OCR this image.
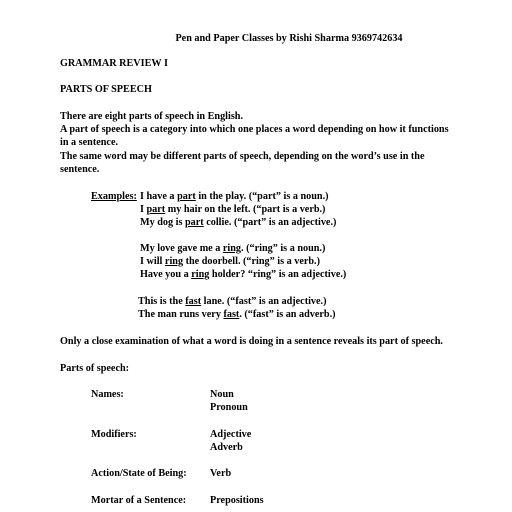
Pen and Paper Classes by Rishi Sharma 9369742634
GRAMMAR REVIEW I
PARTS OF SPEECH
There are eight parts of speech in English.
A part of speech is a category into which one places a word depending on how it functions
in a sentence.
The same word may be different parts of speech, depending on the word’s use in the
sentence.
Examples: I have a part in the play. (“part” is a noun.)
I part my hair on the left. (“part is a verb.)
My dog is part collie. (“part” is an adjective.)
My love gave me a ring. (“ring” is a noun.)
I will ring the doorbell. (“ring” is a verb.)
Have you a ring holder? “ring” is an adjective.)
This is the fast lane. (“fast” is an adjective.)
The man runs very fast. (“fast” is an adverb.)
Only a close examination of what a word is doing in a sentence reveals its part of speech.
Parts of speech:
Names:	Noun
Pronoun
Modifiers:	Adjective
Adverb
Action/State of Being: Verb
Mortar of a Sentence: Prepositions
